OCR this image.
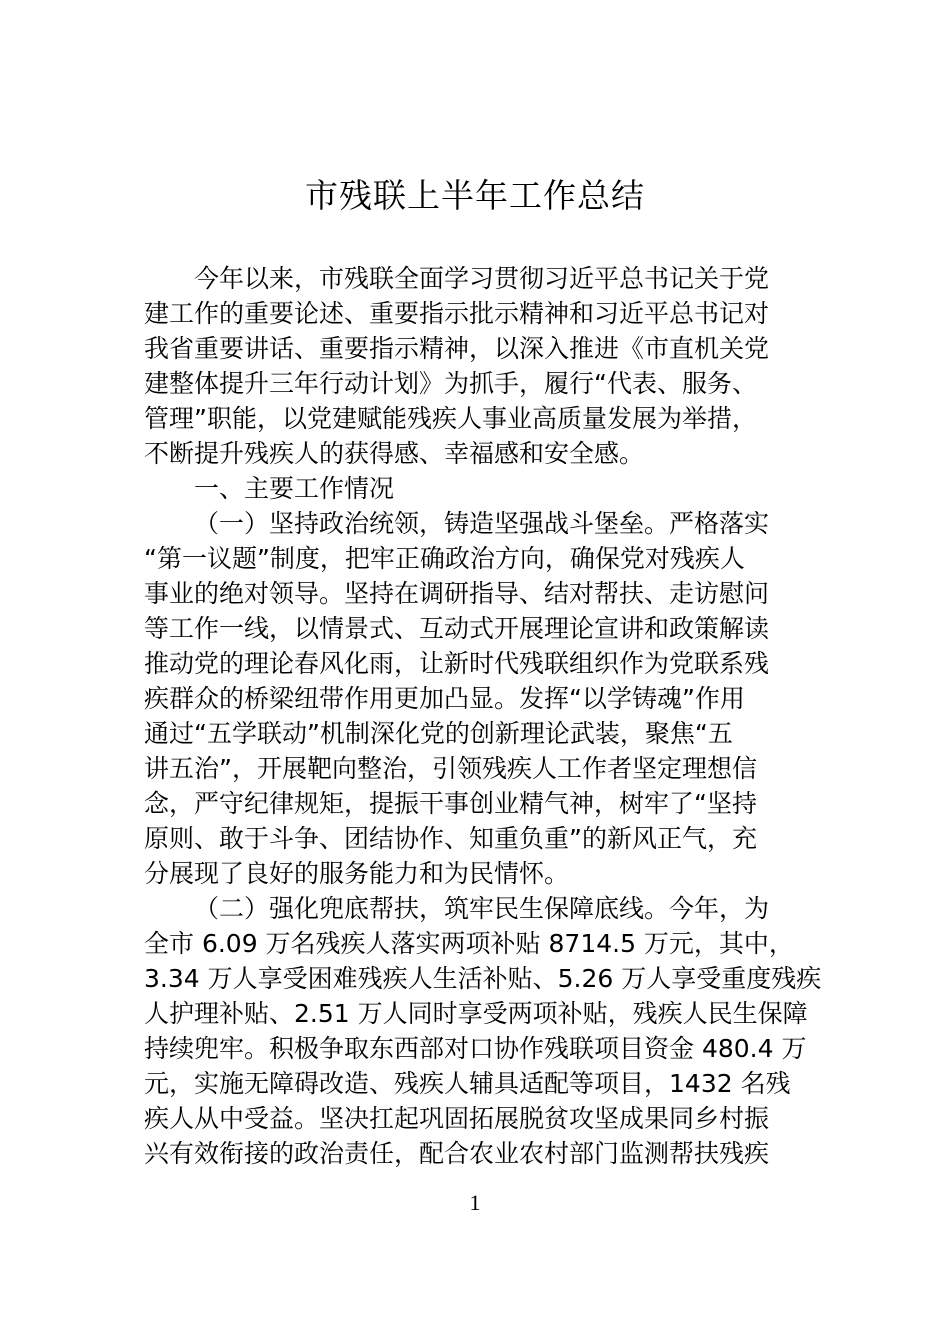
市残联上半年工作总结
今年以来，市残联全面学习贯彻习近平总书记关于党
建工作的重要论述、重要指示批示精神和习近平总书记对
我省重要讲话、重要指示精神，以深入推进《市直机关党
建整体提升三年行动计划》为抓手，履行“代表、服务、
管理”职能，以党建赋能残疾人事业高质量发展为举措，
不断提升残疾人的获得感、幸福感和安全感。
一、主要工作情况
（一）坚持政治统领，铸造坚强战斗堡垒。严格落实
“第一议题”制度，把牢正确政治方向，确保党对残疾人
事业的绝对领导。坚持在调研指导、结对帮扶、走访慰问
等工作一线，以情景式、互动式开展理论宣讲和政策解读
推动党的理论春风化雨，让新时代残联组织作为党联系残
疾群众的桥梁纽带作用更加凸显。发挥“以学铸魂”作用
通过“五学联动”机制深化党的创新理论武装，聚焦“五
讲五治”，开展靶向整治，引领残疾人工作者坚定理想信
念，严守纪律规矩，提振干事创业精气神，树牢了“坚持
原则、敢于斗争、团结协作、知重负重”的新风正气，充
分展现了良好的服务能力和为民情怀。
（二）强化兜底帮扶，筑牢民生保障底线。今年，为
全市 6.09 万名残疾人落实两项补贴 8714.5 万元，其中，
3.34 万人享受困难残疾人生活补贴、5.26 万人享受重度残疾
人护理补贴、2.51 万人同时享受两项补贴，残疾人民生保障
持续兜牢。积极争取东西部对口协作残联项目资金 480.4 万
元，实施无障碍改造、残疾人辅具适配等项目，1432 名残
疾人从中受益。坚决扛起巩固拓展脱贫攻坚成果同乡村振
兴有效衔接的政治责任，配合农业农村部门监测帮扶残疾
1
